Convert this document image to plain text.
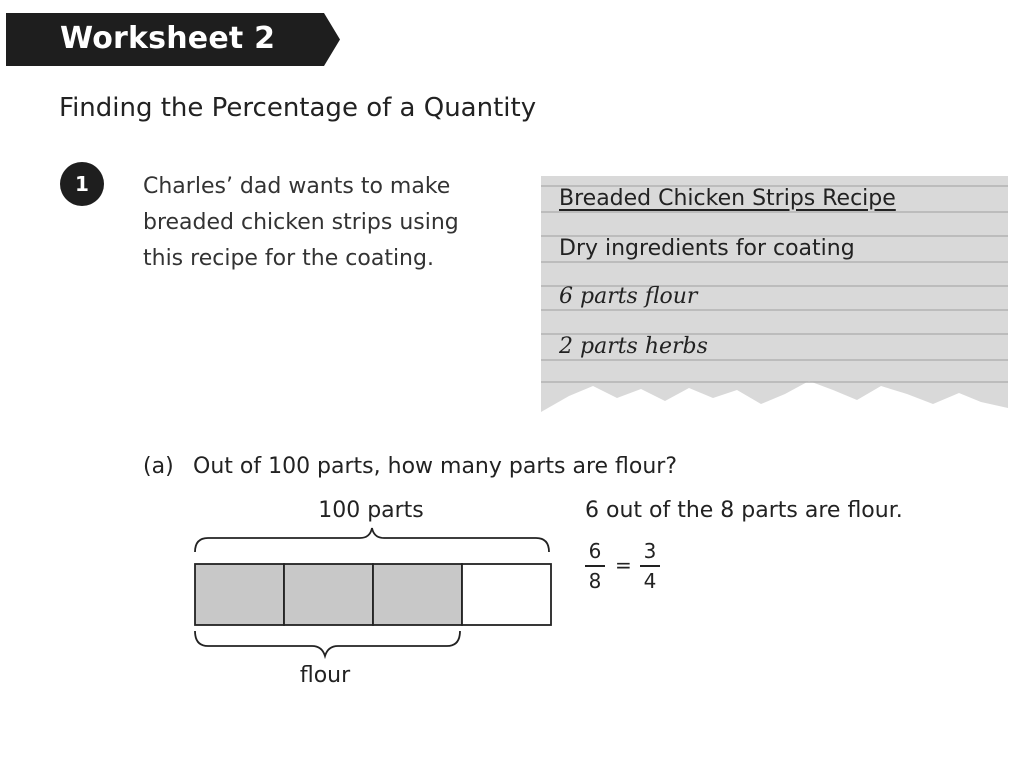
Worksheet 2
Finding the Percentage of a Quantity
1	Charles’ dad wants to make
breaded chicken strips using
this recipe for the coating.
Breaded Chicken Strips Recipe
Dry ingredients for coating
6 parts flour
2 parts herbs
(a) Out of 100 parts, how many parts are flour?
100 parts
flour
6 out of the 8 parts are flour.
6
8
=
3
4
